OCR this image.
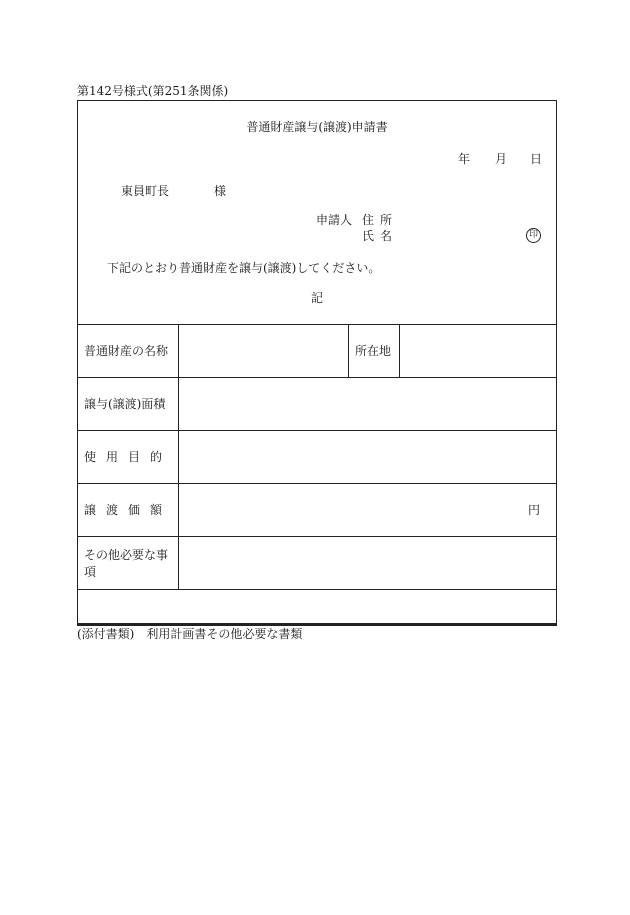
第142号様式(第251条関係)
普通財産譲与(譲渡)申請書
年 月 日
東員町長	様
申請人 住所
氏名	印
下記のとおり普通財産を譲与(譲渡)してください。
記
普通財産の名称	所在地
譲与(譲渡)面積
使用目的
譲渡価額	円
その他必要な事項
(添付書類)　利用計画書その他必要な書類
